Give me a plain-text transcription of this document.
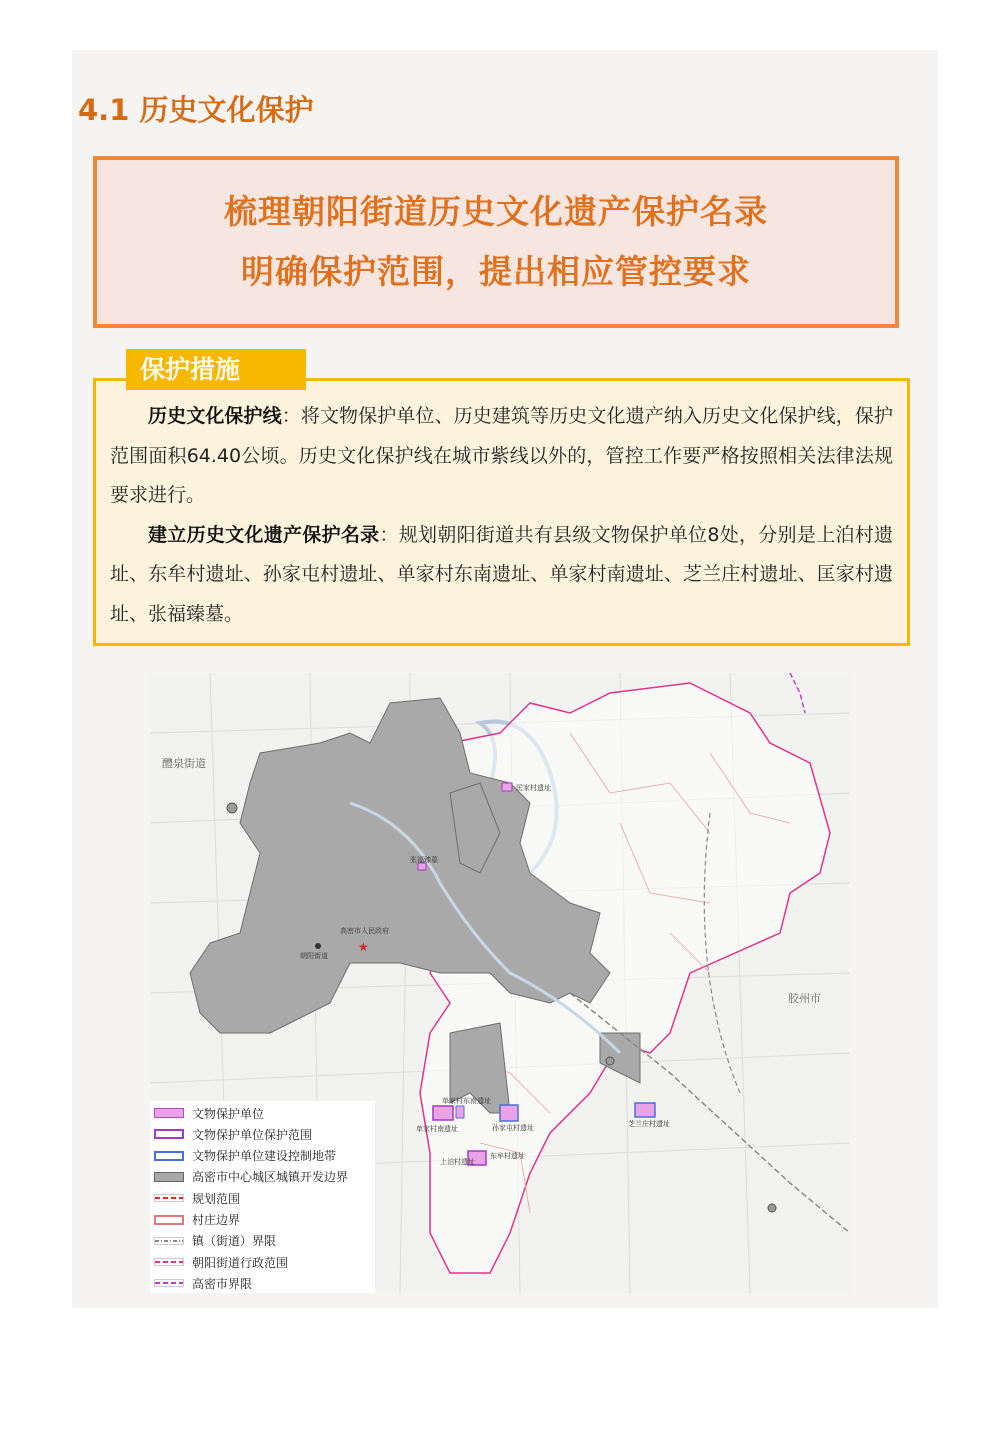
4.1 历史文化保护
梳理朝阳街道历史文化遗产保护名录
明确保护范围，提出相应管控要求
保护措施

历史文化保护线：将文物保护单位、历史建筑等历史文化遗产纳入历史文化保护线，保护范围面积64.40公顷。历史文化保护线在城市紫线以外的，管控工作要严格按照相关法律法规要求进行。

建立历史文化遗产保护名录：规划朝阳街道共有县级文物保护单位8处，分别是上泊村遗址、东牟村遗址、孙家屯村遗址、单家村东南遗址、单家村南遗址、芝兰庄村遗址、匡家村遗址、张福臻墓。

★
醴泉街道
胶州市
朝阳街道
高密市人民政府
匡家村遗址
张福臻墓
单家村南遗址
单家村东南遗址
孙家屯村遗址
上泊村遗址
东牟村遗址
芝兰庄村遗址
文物保护单位
文物保护单位保护范围
文物保护单位建设控制地带
高密市中心城区城镇开发边界
规划范围
村庄边界
镇（街道）界限
朝阳街道行政范围
高密市界限
